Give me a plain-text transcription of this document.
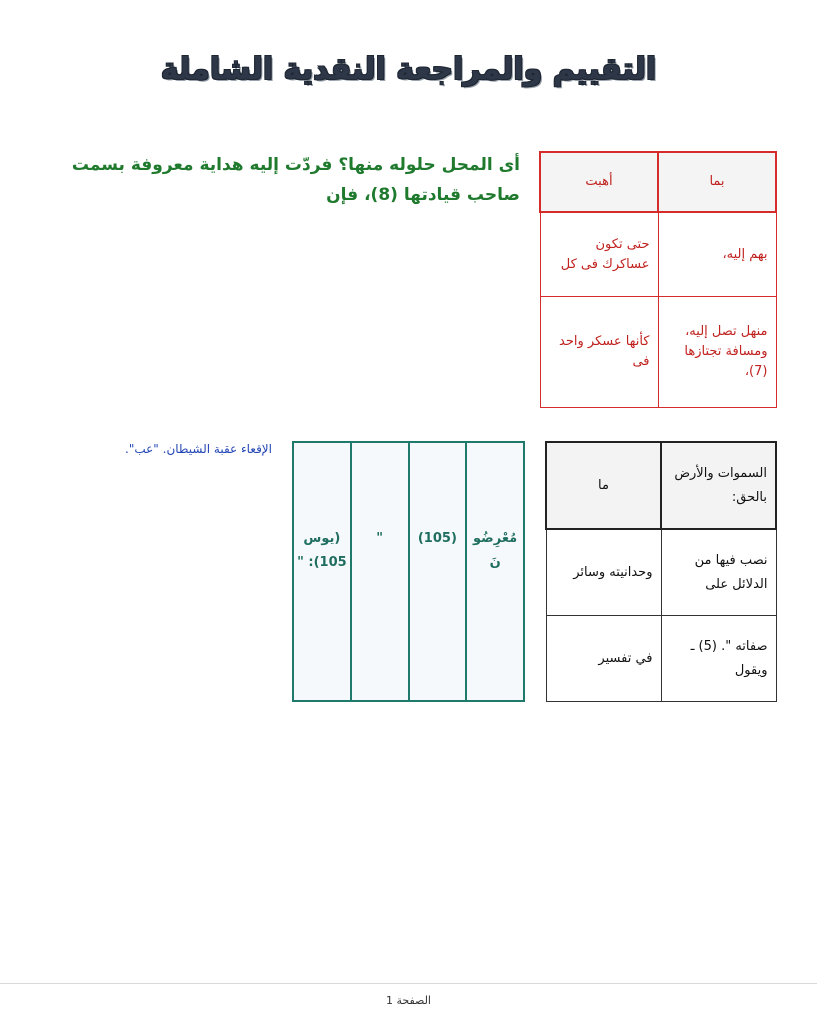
التقييم والمراجعة النقدية الشاملة
أى المحل حلوله منها؟ فردّت إليه هداية معروفة بسمت صاحب قيادتها (8)، فإن
بما	أهبت
بهم إليه،	حتى تكون عساكرك فى كل
منهل تصل إليه، ومسافة تجتازها (7)،	كأنها عسكر واحد فى
السموات والأرض بالحق:	ما
نصب فيها من الدلائل على	وحدانيته وسائر
صفاته ". (5) ـ ويقول	في تفسير
مُعْرِضُو نَ	(105)	"	(يوس 105): "
الإقعاء عقبة الشيطان. "عب".
الصفحة 1
